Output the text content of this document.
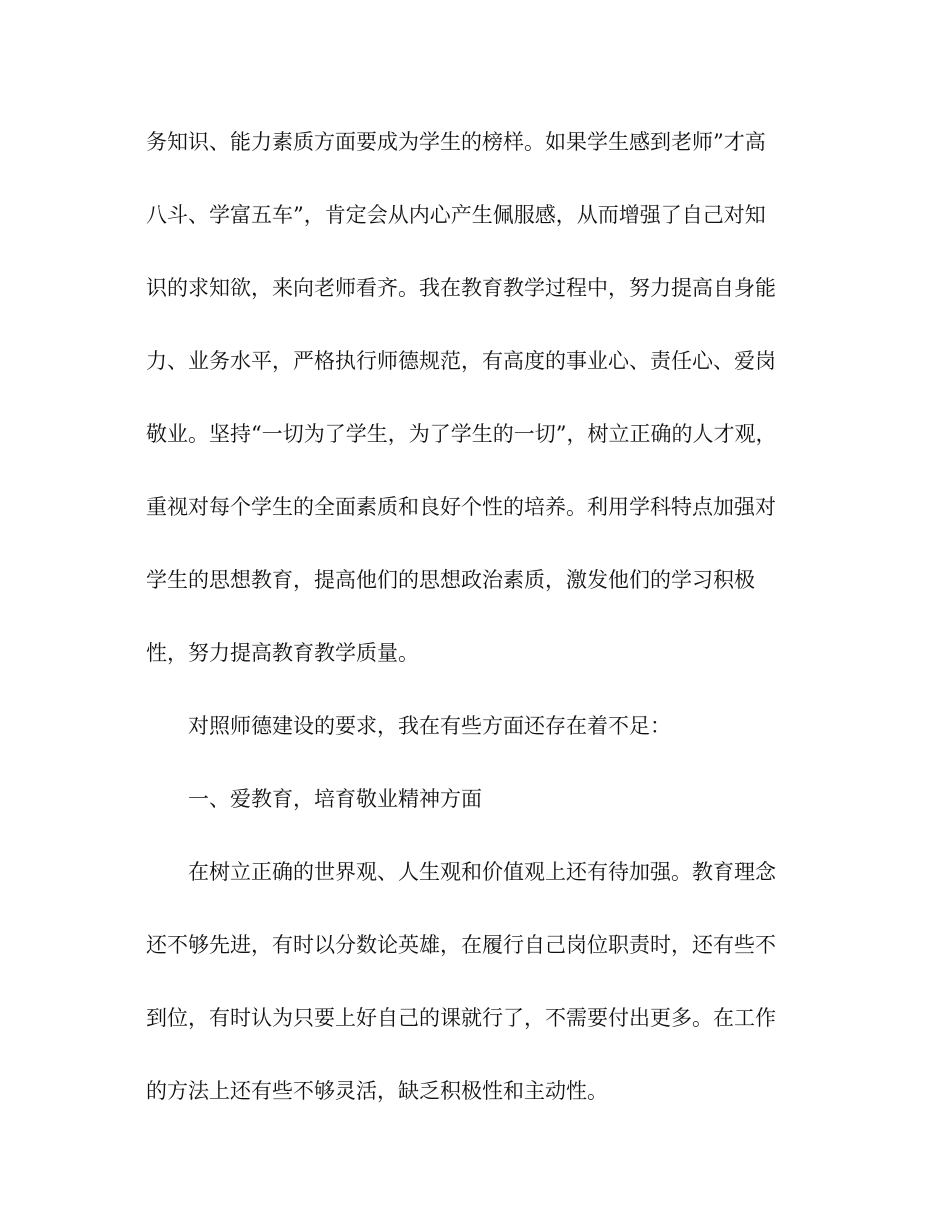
务知识、能力素质方面要成为学生的榜样。如果学生感到老师”才高
八斗、学富五车”，肯定会从内心产生佩服感，从而增强了自己对知
识的求知欲，来向老师看齐。我在教育教学过程中，努力提高自身能
力、业务水平，严格执行师德规范，有高度的事业心、责任心、爱岗
敬业。坚持“一切为了学生，为了学生的一切”，树立正确的人才观，
重视对每个学生的全面素质和良好个性的培养。利用学科特点加强对
学生的思想教育，提高他们的思想政治素质，激发他们的学习积极
性，努力提高教育教学质量。
对照师德建设的要求，我在有些方面还存在着不足：
一、爱教育，培育敬业精神方面
在树立正确的世界观、人生观和价值观上还有待加强。教育理念
还不够先进，有时以分数论英雄，在履行自己岗位职责时，还有些不
到位，有时认为只要上好自己的课就行了，不需要付出更多。在工作
的方法上还有些不够灵活，缺乏积极性和主动性。
